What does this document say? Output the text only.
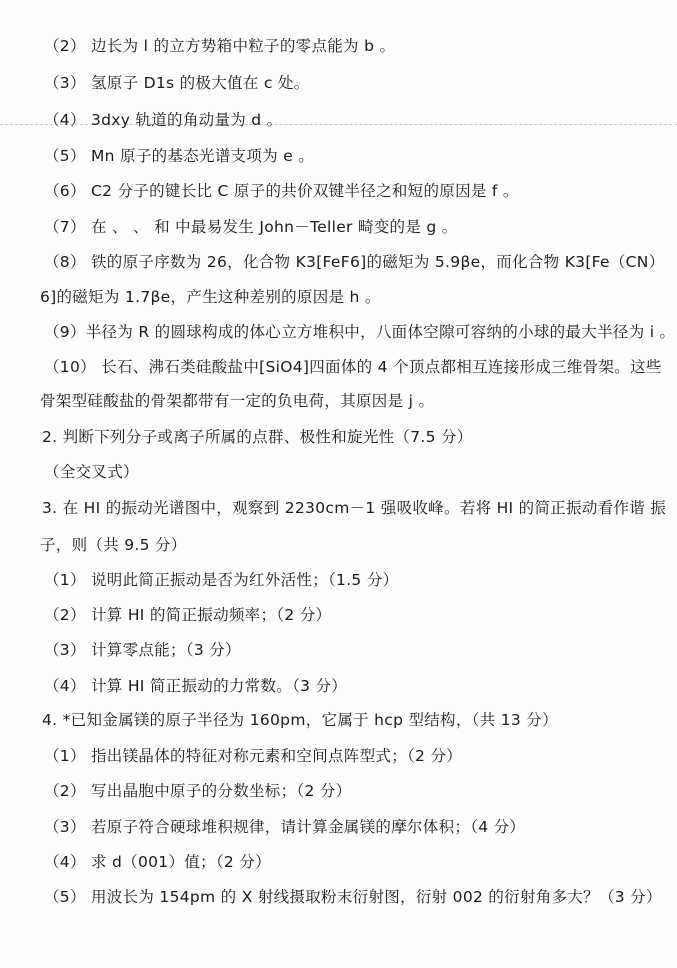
（2） 边长为 l 的立方势箱中粒子的零点能为 b 。
（3） 氢原子 D1s 的极大值在 c 处。
（4） 3dxy 轨道的角动量为 d 。
（5） Mn 原子的基态光谱支项为 e 。
（6） C2 分子的键长比 C 原子的共价双键半径之和短的原因是 f 。
（7） 在 、 、 和 中最易发生 John－Teller 畸变的是 g 。
（8） 铁的原子序数为 26，化合物 K3[FeF6]的磁矩为 5.9βe，而化合物 K3[Fe（CN）
6]的磁矩为 1.7βe，产生这种差别的原因是 h 。
（9）半径为 R 的圆球构成的体心立方堆积中，八面体空隙可容纳的小球的最大半径为 i 。
（10） 长石、沸石类硅酸盐中[SiO4]四面体的 4 个顶点都相互连接形成三维骨架。这些
骨架型硅酸盐的骨架都带有一定的负电荷，其原因是 j 。
2. 判断下列分子或离子所属的点群、极性和旋光性（7.5 分）
（全交叉式）
3. 在 HI 的振动光谱图中，观察到 2230cm－1 强吸收峰。若将 HI 的简正振动看作谐 振
子，则（共 9.5 分）
（1） 说明此简正振动是否为红外活性；（1.5 分）
（2） 计算 HI 的简正振动频率；（2 分）
（3） 计算零点能；（3 分）
（4） 计算 HI 简正振动的力常数。（3 分）
4. *已知金属镁的原子半径为 160pm，它属于 hcp 型结构，（共 13 分）
（1） 指出镁晶体的特征对称元素和空间点阵型式；（2 分）
（2） 写出晶胞中原子的分数坐标；（2 分）
（3） 若原子符合硬球堆积规律，请计算金属镁的摩尔体积；（4 分）
（4） 求 d（001）值；（2 分）
（5） 用波长为 154pm 的 X 射线摄取粉末衍射图，衍射 002 的衍射角多大？（3 分）
